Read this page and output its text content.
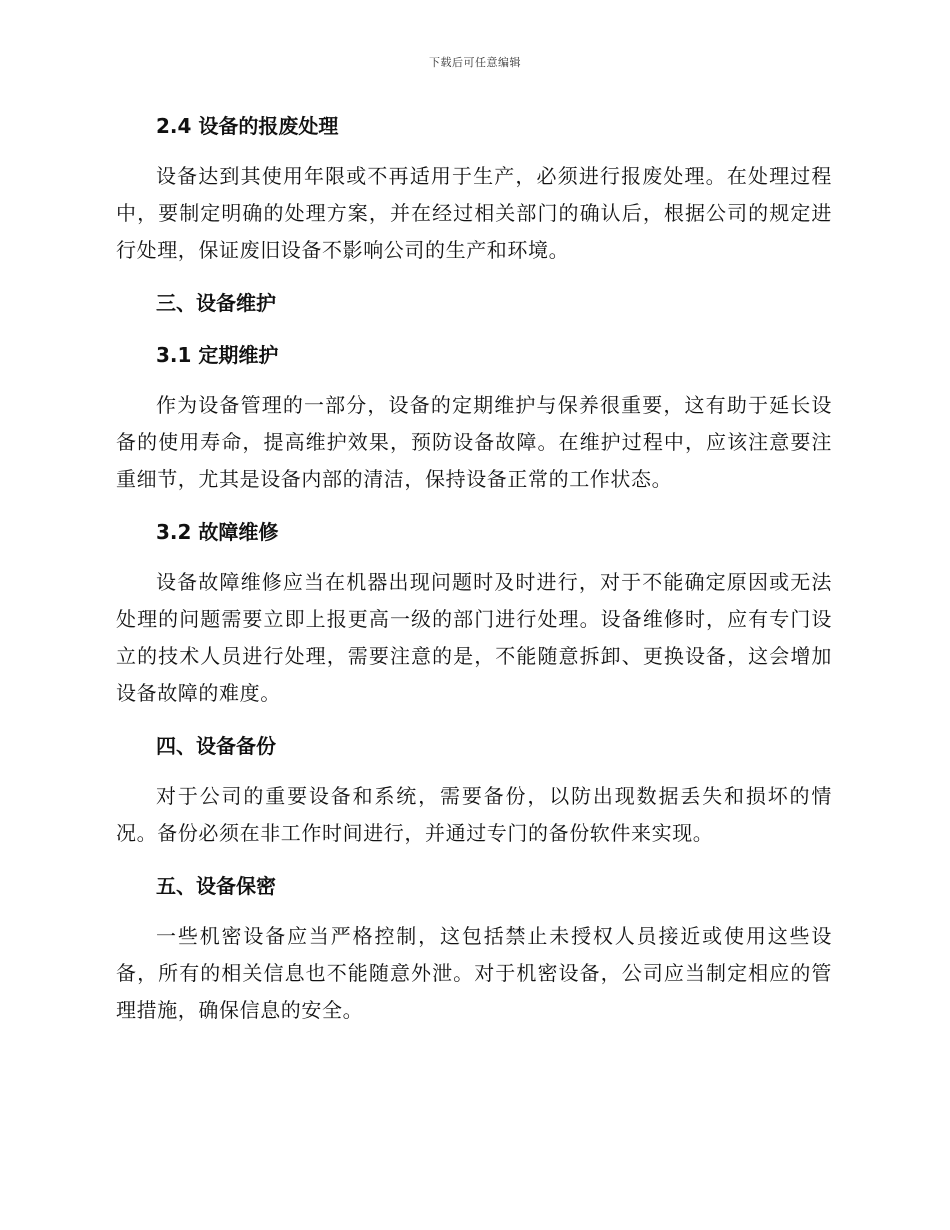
下载后可任意编辑
2.4 设备的报废处理

设备达到其使用年限或不再适用于生产，必须进行报废处理。在处理过程中，要制定明确的处理方案，并在经过相关部门的确认后，根据公司的规定进行处理，保证废旧设备不影响公司的生产和环境。

三、设备维护
3.1 定期维护

作为设备管理的一部分，设备的定期维护与保养很重要，这有助于延长设备的使用寿命，提高维护效果，预防设备故障。在维护过程中，应该注意要注重细节，尤其是设备内部的清洁，保持设备正常的工作状态。

3.2 故障维修

设备故障维修应当在机器出现问题时及时进行，对于不能确定原因或无法处理的问题需要立即上报更高一级的部门进行处理。设备维修时，应有专门设立的技术人员进行处理，需要注意的是，不能随意拆卸、更换设备，这会增加设备故障的难度。

四、设备备份

对于公司的重要设备和系统，需要备份，以防出现数据丢失和损坏的情况。备份必须在非工作时间进行，并通过专门的备份软件来实现。

五、设备保密

一些机密设备应当严格控制，这包括禁止未授权人员接近或使用这些设备，所有的相关信息也不能随意外泄。对于机密设备，公司应当制定相应的管理措施，确保信息的安全。
